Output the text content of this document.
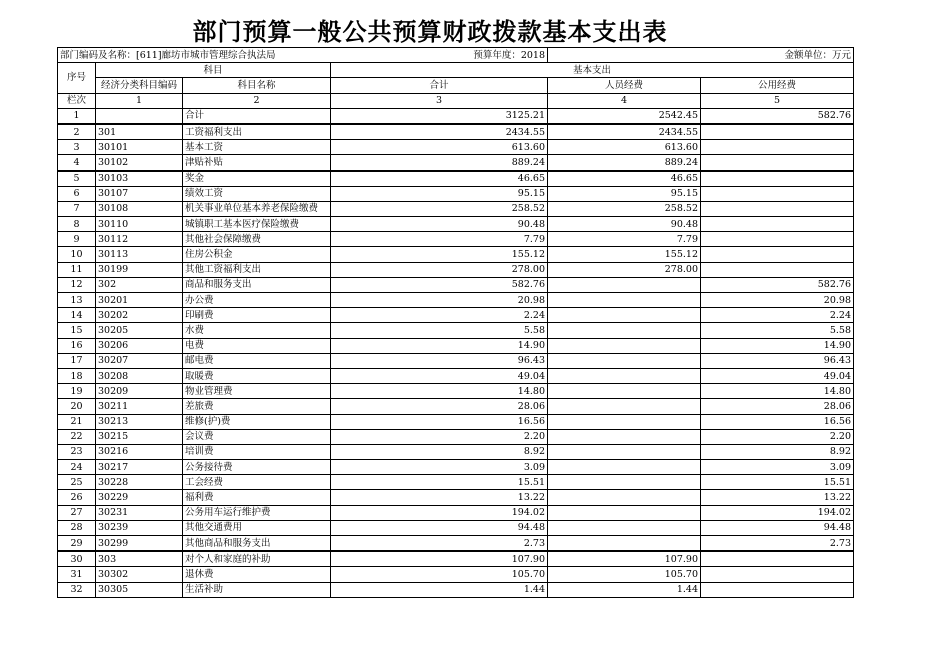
部门预算一般公共预算财政拨款基本支出表
部门编码及名称：[611]廊坊市城市管理综合执法局			预算年度：2018		金额单位：万元
序号	科目		基本支出		
	经济分类科目编码	科目名称	合计	人员经费	公用经费
栏次	1	2	3	4	5
1		合计	3125.21	2542.45	582.76
2	301	工资福利支出	2434.55	2434.55	
3	30101	基本工资	613.60	613.60	
4	30102	津贴补贴	889.24	889.24	
5	30103	奖金	46.65	46.65	
6	30107	绩效工资	95.15	95.15	
7	30108	机关事业单位基本养老保险缴费	258.52	258.52	
8	30110	城镇职工基本医疗保险缴费	90.48	90.48	
9	30112	其他社会保障缴费	7.79	7.79	
10	30113	住房公积金	155.12	155.12	
11	30199	其他工资福利支出	278.00	278.00	
12	302	商品和服务支出	582.76		582.76
13	30201	办公费	20.98		20.98
14	30202	印刷费	2.24		2.24
15	30205	水费	5.58		5.58
16	30206	电费	14.90		14.90
17	30207	邮电费	96.43		96.43
18	30208	取暖费	49.04		49.04
19	30209	物业管理费	14.80		14.80
20	30211	差旅费	28.06		28.06
21	30213	维修(护)费	16.56		16.56
22	30215	会议费	2.20		2.20
23	30216	培训费	8.92		8.92
24	30217	公务接待费	3.09		3.09
25	30228	工会经费	15.51		15.51
26	30229	福利费	13.22		13.22
27	30231	公务用车运行维护费	194.02		194.02
28	30239	其他交通费用	94.48		94.48
29	30299	其他商品和服务支出	2.73		2.73
30	303	对个人和家庭的补助	107.90	107.90	
31	30302	退休费	105.70	105.70	
32	30305	生活补助	1.44	1.44	
